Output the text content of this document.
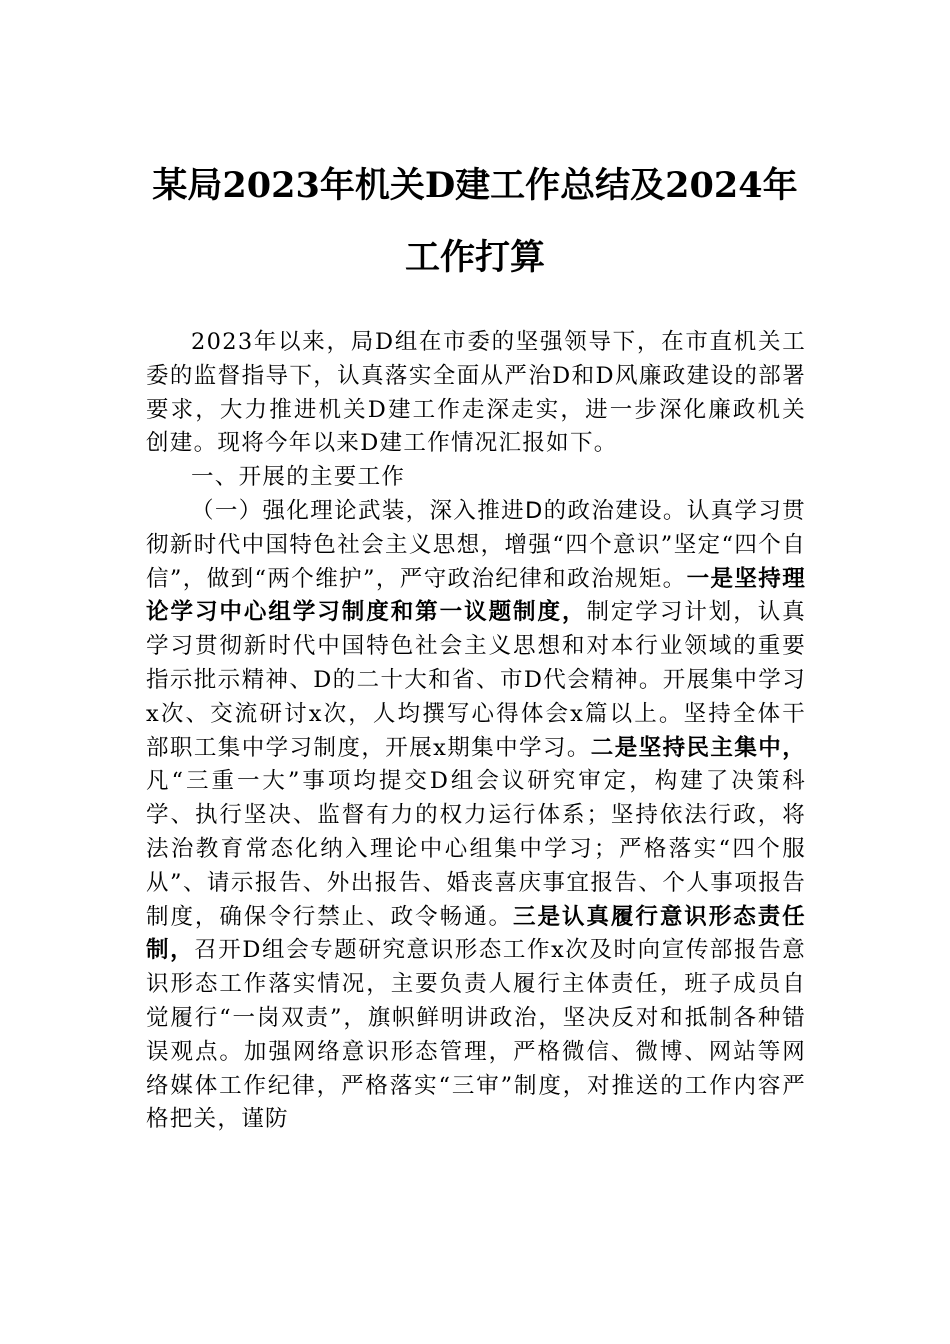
某局2023年机关D建工作总结及2024年
工作打算

2023年以来，局D组在市委的坚强领导下，在市直机关工委的监督指导下，认真落实全面从严治D和D风廉政建设的部署要求，大力推进机关D建工作走深走实，进一步深化廉政机关创建。现将今年以来D建工作情况汇报如下。

一、开展的主要工作

（一）强化理论武装，深入推进D的政治建设。认真学习贯彻新时代中国特色社会主义思想，增强“四个意识”坚定“四个自信”，做到“两个维护”，严守政治纪律和政治规矩。一是坚持理论学习中心组学习制度和第一议题制度，制定学习计划，认真学习贯彻新时代中国特色社会主义思想和对本行业领域的重要指示批示精神、D的二十大和省、市D代会精神。开展集中学习x次、交流研讨x次，人均撰写心得体会x篇以上。坚持全体干部职工集中学习制度，开展x期集中学习。二是坚持民主集中，凡“三重一大”事项均提交D组会议研究审定，构建了决策科学、执行坚决、监督有力的权力运行体系；坚持依法行政，将法治教育常态化纳入理论中心组集中学习；严格落实“四个服从”、请示报告、外出报告、婚丧喜庆事宜报告、个人事项报告制度，确保令行禁止、政令畅通。三是认真履行意识形态责任制，召开D组会专题研究意识形态工作x次及时向宣传部报告意识形态工作落实情况，主要负责人履行主体责任，班子成员自觉履行“一岗双责”，旗帜鲜明讲政治，坚决反对和抵制各种错误观点。加强网络意识形态管理，严格微信、微博、网站等网络媒体工作纪律，严格落实“三审”制度，对推送的工作内容严格把关，谨防
